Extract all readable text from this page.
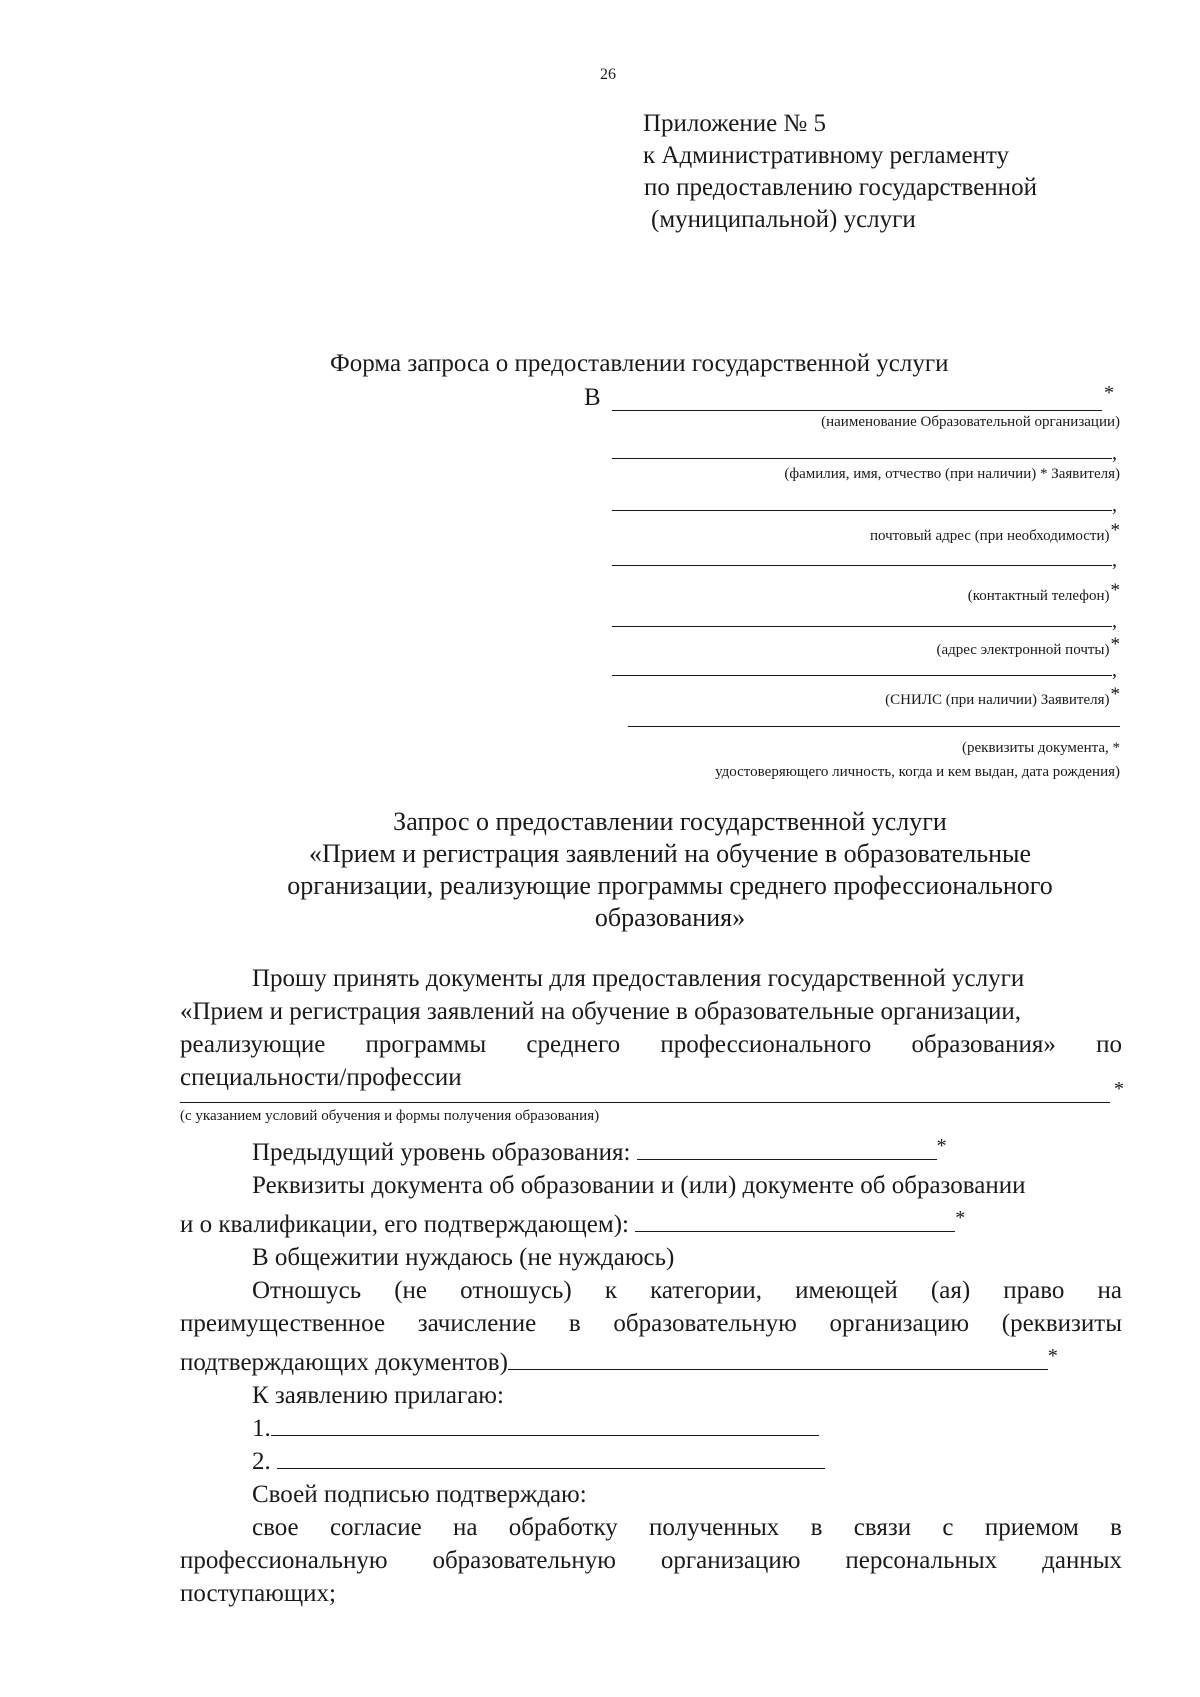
26
Приложение № 5
к Административному регламенту
по предоставлению государственной
(муниципальной) услуги
Форма запроса о предоставлении государственной услуги
В	*
(наименование Образовательной организации)
,
(фамилия, имя, отчество (при наличии) * Заявителя)
,
почтовый адрес (при необходимости)*
,
(контактный телефон)*
,
(адрес электронной почты)*
,
(СНИЛС (при наличии) Заявителя)*
(реквизиты документа, *
удостоверяющего личность, когда и кем выдан, дата рождения)
Запрос о предоставлении государственной услуги
«Прием и регистрация заявлений на обучение в образовательные
организации, реализующие программы среднего профессионального
образования»
Прошу принять документы для предоставления государственной услуги
«Прием и регистрация заявлений на обучение в образовательные организации,
реализующие программы среднего профессионального образования» по
специальности/профессии	*
(с указанием условий обучения и формы получения образования)
Предыдущий уровень образования:	*
Реквизиты документа об образовании и (или) документе об образовании
и о квалификации, его подтверждающем):	*
В общежитии нуждаюсь (не нуждаюсь)
Отношусь (не отношусь) к категории, имеющей (ая) право на
преимущественное зачисление в образовательную организацию (реквизиты
подтверждающих документов)	*
К заявлению прилагаю:
1.
2.
Своей подписью подтверждаю:
свое согласие на обработку полученных в связи с приемом в
профессиональную образовательную организацию персональных данных
поступающих;
